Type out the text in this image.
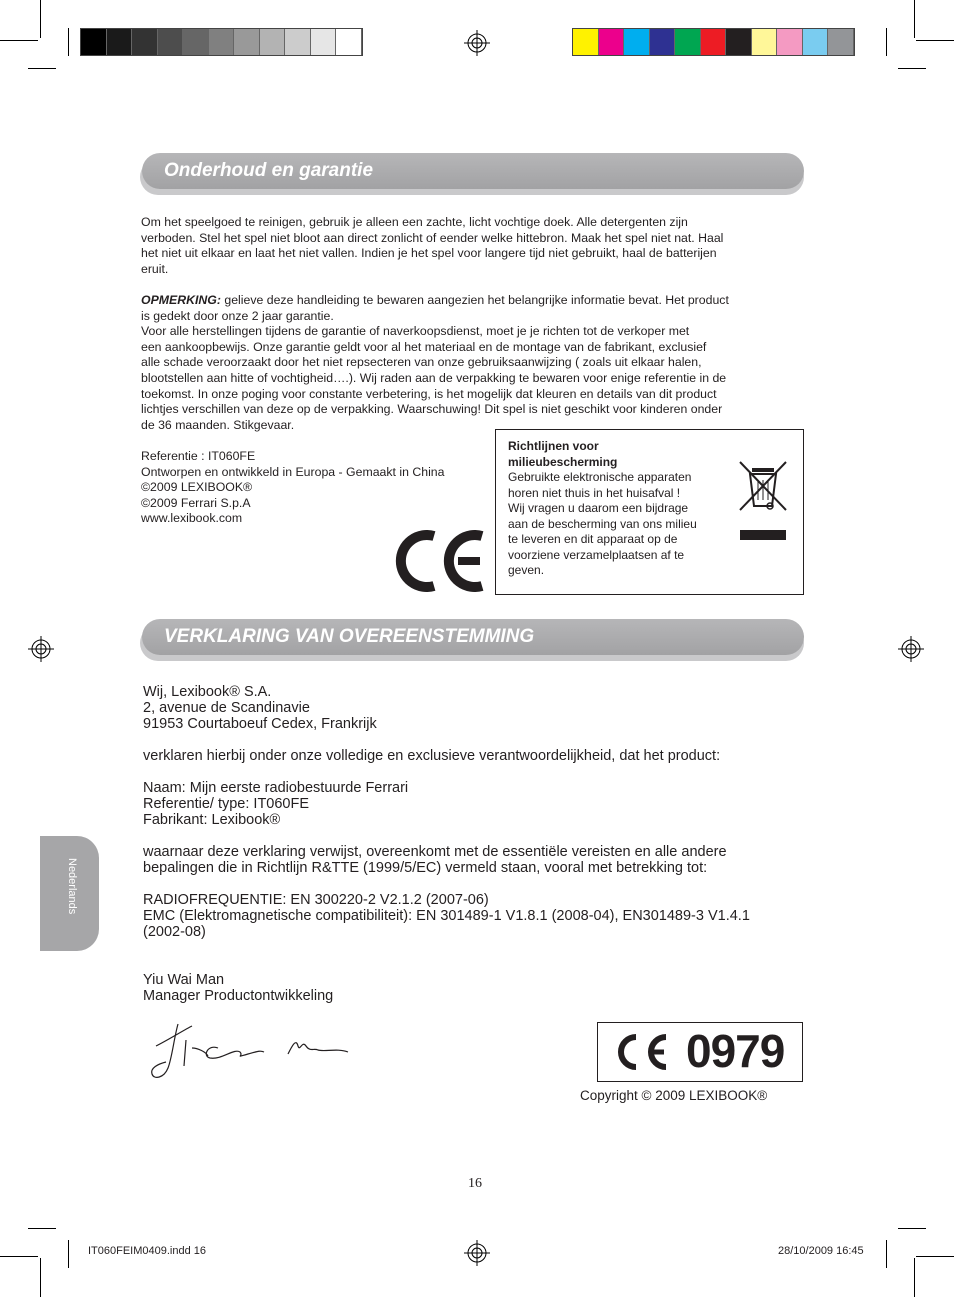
Onderhoud en garantie
Om het speelgoed te reinigen, gebruik je alleen een zachte, licht vochtige doek. Alle detergenten zijn
verboden. Stel het spel niet bloot aan direct zonlicht of eender welke hittebron. Maak het spel niet nat. Haal
het niet uit elkaar en laat het niet vallen. Indien je het spel voor langere tijd niet gebruikt, haal de batterijen
eruit.
OPMERKING: gelieve deze handleiding te bewaren aangezien het belangrijke informatie bevat. Het product
is gedekt door onze 2 jaar garantie.
Voor alle herstellingen tijdens de garantie of naverkoopsdienst, moet je je richten tot de verkoper met
een aankoopbewijs. Onze garantie geldt voor al het materiaal en de montage van de fabrikant, exclusief
alle schade veroorzaakt door het niet repsecteren van onze gebruiksaanwijzing ( zoals uit elkaar halen,
blootstellen aan hitte of vochtigheid….). Wij raden aan de verpakking te bewaren voor enige referentie in de
toekomst. In onze poging voor constante verbetering, is het mogelijk dat kleuren en details van dit product
lichtjes verschillen van deze op de verpakking. Waarschuwing! Dit spel is niet geschikt voor kinderen onder
de 36 maanden. Stikgevaar.
Referentie : IT060FE
Ontworpen en ontwikkeld in Europa - Gemaakt in China
©2009 LEXIBOOK®
©2009 Ferrari S.p.A
www.lexibook.com
Richtlijnen voor
milieubescherming
Gebruikte elektronische apparaten
horen niet thuis in het huisafval !
Wij vragen u daarom een bijdrage
aan de bescherming van ons milieu
te leveren en dit apparaat op de
voorziene verzamelplaatsen af te
geven.
VERKLARING VAN OVEREENSTEMMING
Wij, Lexibook® S.A.
2, avenue de Scandinavie
91953 Courtaboeuf Cedex, Frankrijk

verklaren hierbij onder onze volledige en exclusieve verantwoordelijkheid, dat het product:

Naam: Mijn eerste radiobestuurde Ferrari
Referentie/ type: IT060FE
Fabrikant: Lexibook®

waarnaar deze verklaring verwijst, overeenkomt met de essentiële vereisten en alle andere
bepalingen die in Richtlijn R&TTE (1999/5/EC) vermeld staan, vooral met betrekking tot:

RADIOFREQUENTIE: EN 300220-2 V2.1.2 (2007-06)
EMC (Elektromagnetische compatibiliteit): EN 301489-1 V1.8.1 (2008-04), EN301489-3 V1.4.1
(2002-08)

Yiu Wai Man
Manager Productontwikkeling
0979
Copyright © 2009 LEXIBOOK®
Nederlands
16
IT060FEIM0409.indd 16	28/10/2009 16:45
